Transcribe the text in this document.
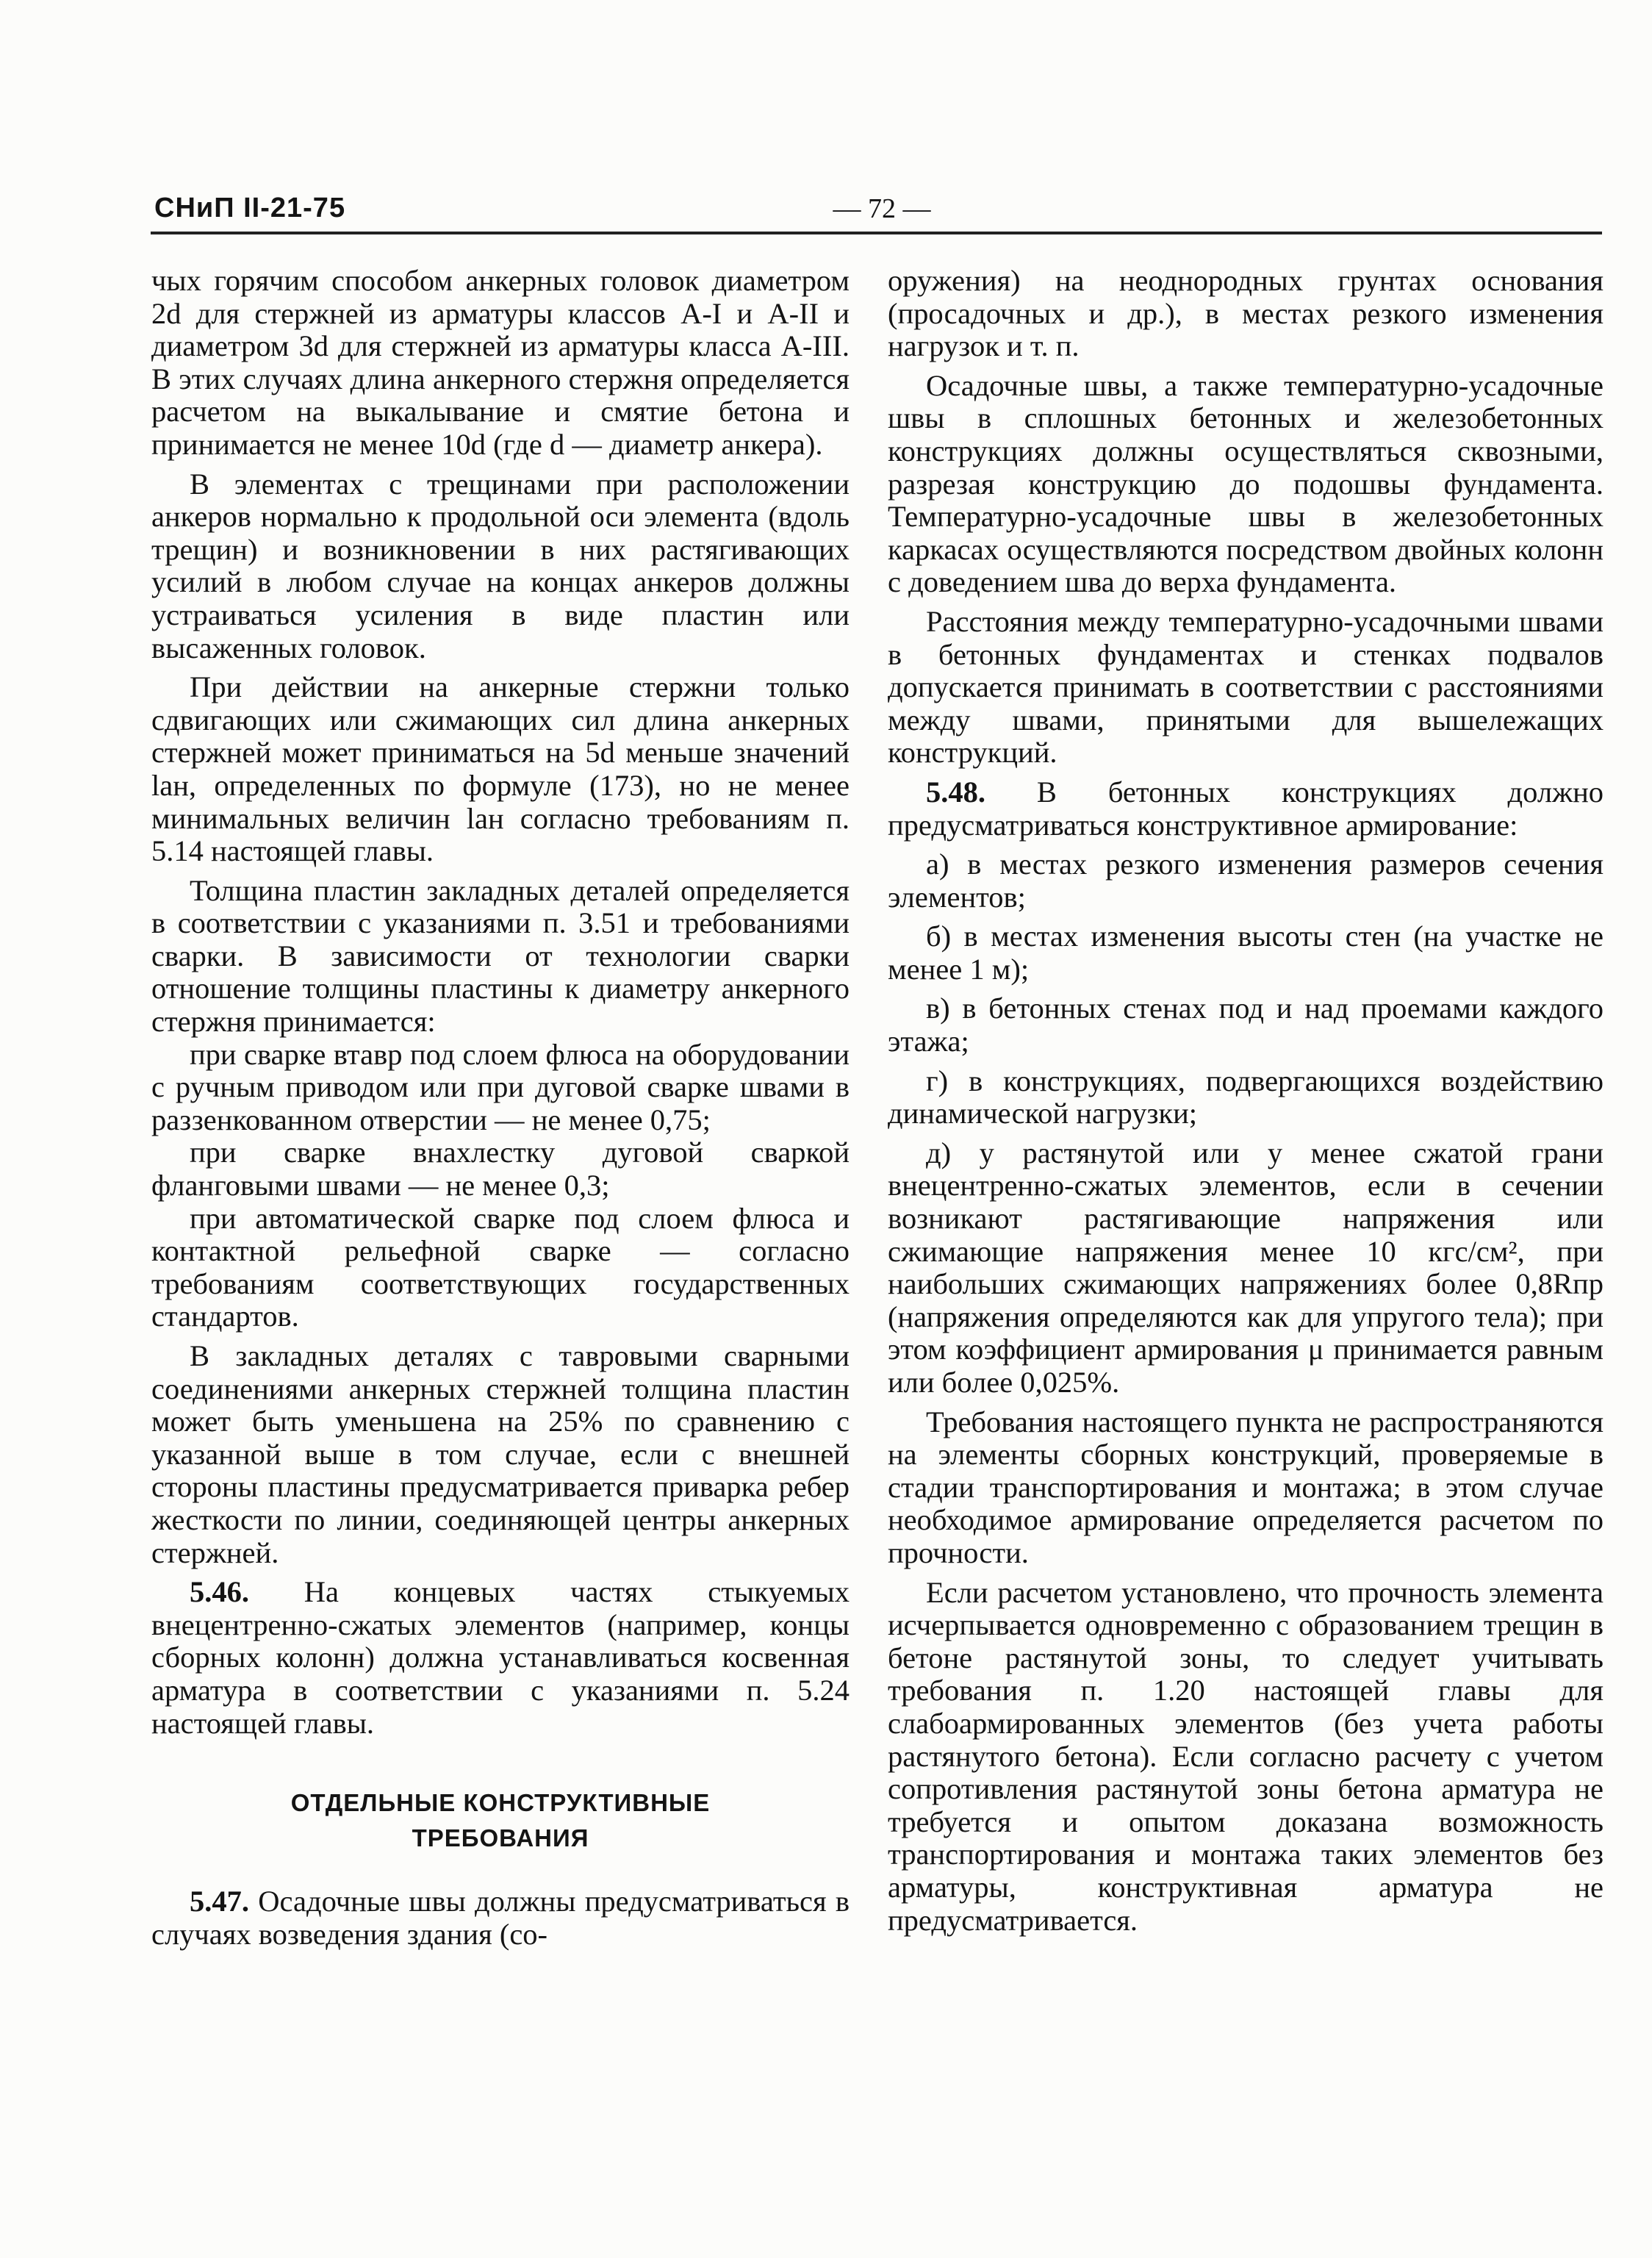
СНиП II-21-75	— 72 —

чых горячим способом анкерных головок диаметром 2d для стержней из арматуры классов А-I и А-II и диаметром 3d для стержней из арматуры класса А-III. В этих случаях длина анкерного стержня определяется расчетом на выкалывание и смятие бетона и принимается не менее 10d (где d — диаметр анкера).

В элементах с трещинами при расположении анкеров нормально к продольной оси элемента (вдоль трещин) и возникновении в них растягивающих усилий в любом случае на концах анкеров должны устраиваться усиления в виде пластин или высаженных головок.

При действии на анкерные стержни только сдвигающих или сжимающих сил длина анкерных стержней может приниматься на 5d меньше значений lан, определенных по формуле (173), но не менее минимальных величин lан согласно требованиям п. 5.14 настоящей главы.

Толщина пластин закладных деталей определяется в соответствии с указаниями п. 3.51 и требованиями сварки. В зависимости от технологии сварки отношение толщины пластины к диаметру анкерного стержня принимается:

при сварке втавр под слоем флюса на оборудовании с ручным приводом или при дуговой сварке швами в раззенкованном отверстии — не менее 0,75;

при сварке внахлестку дуговой сваркой фланговыми швами — не менее 0,3;

при автоматической сварке под слоем флюса и контактной рельефной сварке — согласно требованиям соответствующих государственных стандартов.

В закладных деталях с тавровыми сварными соединениями анкерных стержней толщина пластин может быть уменьшена на 25% по сравнению с указанной выше в том случае, если с внешней стороны пластины предусматривается приварка ребер жесткости по линии, соединяющей центры анкерных стержней.

5.46. На концевых частях стыкуемых внецентренно-сжатых элементов (например, концы сборных колонн) должна устанавливаться косвенная арматура в соответствии с указаниями п. 5.24 настоящей главы.

ОТДЕЛЬНЫЕ КОНСТРУКТИВНЫЕ
ТРЕБОВАНИЯ

5.47. Осадочные швы должны предусматриваться в случаях возведения здания (со-

оружения) на неоднородных грунтах основания (просадочных и др.), в местах резкого изменения нагрузок и т. п.

Осадочные швы, а также температурно-усадочные швы в сплошных бетонных и железобетонных конструкциях должны осуществляться сквозными, разрезая конструкцию до подошвы фундамента. Температурно-усадочные швы в железобетонных каркасах осуществляются посредством двойных колонн с доведением шва до верха фундамента.

Расстояния между температурно-усадочными швами в бетонных фундаментах и стенках подвалов допускается принимать в соответствии с расстояниями между швами, принятыми для вышележащих конструкций.

5.48. В бетонных конструкциях должно предусматриваться конструктивное армирование:

а) в местах резкого изменения размеров сечения элементов;

б) в местах изменения высоты стен (на участке не менее 1 м);

в) в бетонных стенах под и над проемами каждого этажа;

г) в конструкциях, подвергающихся воздействию динамической нагрузки;

д) у растянутой или у менее сжатой грани внецентренно-сжатых элементов, если в сечении возникают растягивающие напряжения или сжимающие напряжения менее 10 кгс/см², при наибольших сжимающих напряжениях более 0,8Rпр (напряжения определяются как для упругого тела); при этом коэффициент армирования μ принимается равным или более 0,025%.

Требования настоящего пункта не распространяются на элементы сборных конструкций, проверяемые в стадии транспортирования и монтажа; в этом случае необходимое армирование определяется расчетом по прочности.

Если расчетом установлено, что прочность элемента исчерпывается одновременно с образованием трещин в бетоне растянутой зоны, то следует учитывать требования п. 1.20 настоящей главы для слабоармированных элементов (без учета работы растянутого бетона). Если согласно расчету с учетом сопротивления растянутой зоны бетона арматура не требуется и опытом доказана возможность транспортирования и монтажа таких элементов без арматуры, конструктивная арматура не предусматривается.
